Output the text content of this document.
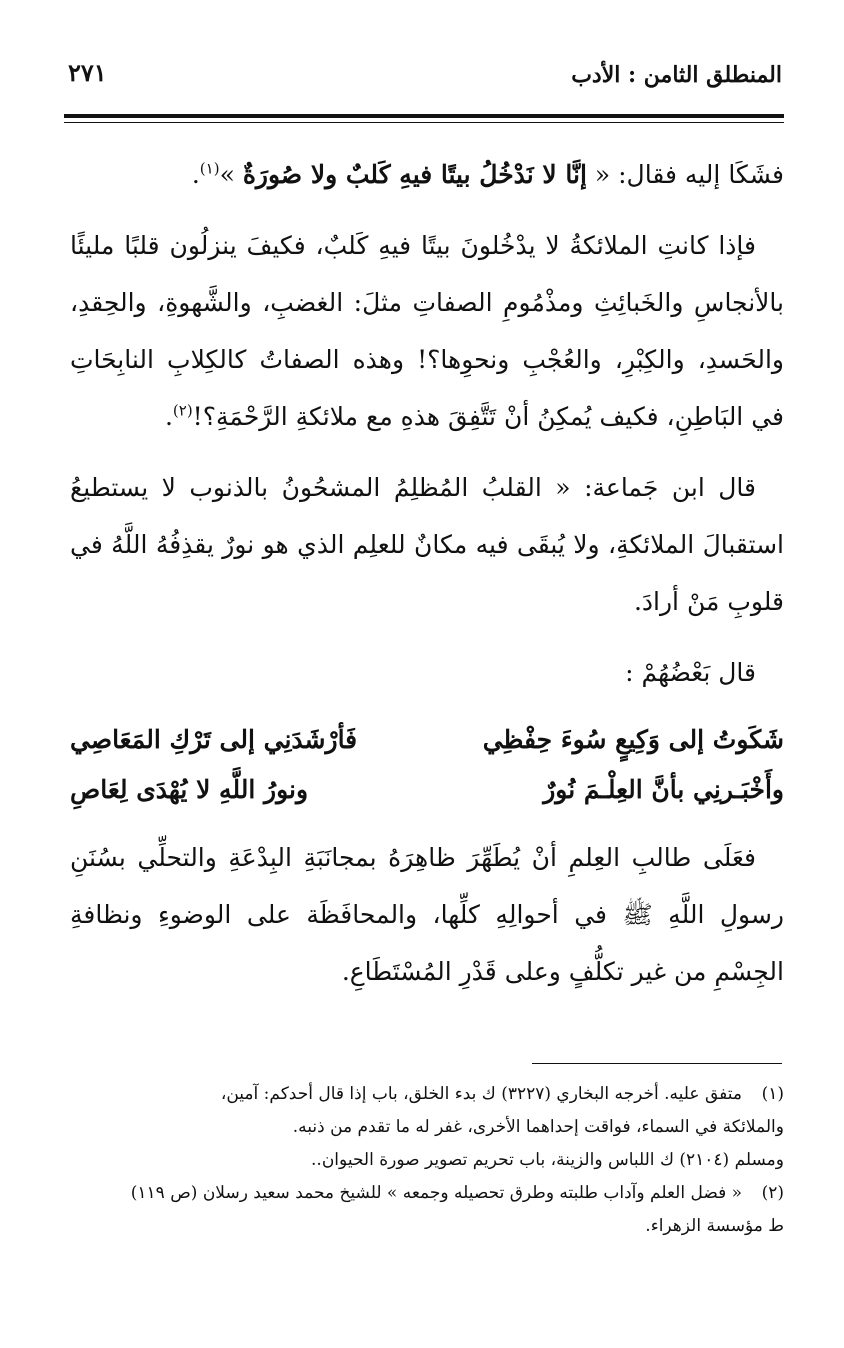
المنطلق الثامن : الأدب
٢٧١

فشَكَا إليه فقال: « إنَّا لا نَدْخُلُ بيتًا فيهِ كَلبٌ ولا صُورَةٌ »$^{(١)}$.

فإذا كانتِ الملائكةُ لا يدْخُلونَ بيتًا فيهِ كَلبٌ، فكيفَ ينزلُون قلبًا مليئًا بالأنجاسِ والخَبائِثِ ومذْمُومِ الصفاتِ مثلَ: الغضبِ، والشَّهوةِ، والحِقدِ، والحَسدِ، والكِبْرِ، والعُجْبِ ونحوِها؟! وهذه الصفاتُ كالكِلابِ النابِحَاتِ في البَاطِنِ، فكيف يُمكِنُ أنْ تَتَّفِقَ هذهِ مع ملائكةِ الرَّحْمَةِ؟!$^{(٢)}$.

قال ابن جَماعة: « القلبُ المُظلِمُ المشحُونُ بالذنوب لا يستطيعُ استقبالَ الملائكةِ، ولا يُبقَى فيه مكانٌ للعلِم الذي هو نورٌ يقذِفُهُ اللَّهُ في قلوبِ مَنْ أرادَ.

قال بَعْضُهُمْ :

شَكَوتُ إلى وَكِيعٍ سُوءَ حِفْظِي
فَأرْشَدَنِي إلى تَرْكِ المَعَاصِي
وأَخْبَـرنِي بأنَّ العِلْـمَ نُورٌ
ونورُ اللَّهِ لا يُهْدَى لِعَاصِ

فعَلَى طالبِ العِلمِ أنْ يُطَهِّرَ ظاهِرَهُ بمجانَبَةِ البِدْعَةِ والتحلِّي بسُنَنِ رسولِ اللَّهِ ﷺ في أحوالِهِ كلِّها، والمحافَظَة على الوضوءِ ونظافةِ الجِسْمِ من غير تكلُّفٍ وعلى قَدْرِ المُسْتَطَاعِ.

(١)
متفق عليه. أخرجه البخاري (٣٢٢٧) ك بدء الخلق، باب إذا قال أحدكم: آمين،
والملائكة في السماء، فواقت إحداهما الأخرى، غفر له ما تقدم من ذنبه.
ومسلم (٢١٠٤) ك اللباس والزينة، باب تحريم تصوير صورة الحيوان..
(٢)
« فضل العلم وآداب طلبته وطرق تحصيله وجمعه » للشيخ محمد سعيد رسلان (ص ١١٩)
ط مؤسسة الزهراء.
